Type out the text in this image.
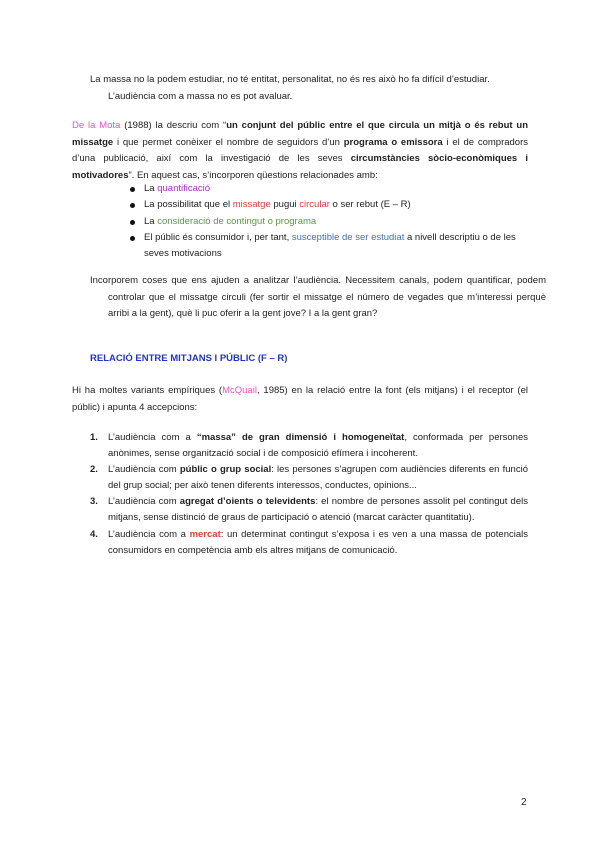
La massa no la podem estudiar, no té entitat, personalitat, no és res això ho fa difícil d’estudiar.

L’audiència com a massa no es pot avaluar.

De la Mota (1988) la descriu com “un conjunt del públic entre el que circula un mitjà o és rebut un missatge i que permet conèixer el nombre de seguidors d’un programa o emissora i el de compradors d’una publicació, així com la investigació de les seves circumstàncies sòcio-econòmiques i motivadores”. En aquest cas, s’incorporen qüestions relacionades amb:

La quantificació
La possibilitat que el missatge pugui circular o ser rebut (E – R)
La consideració de contingut o programa
El públic és consumidor i, per tant, susceptible de ser estudiat a nivell descriptiu o de les seves motivacions

Incorporem coses que ens ajuden a analitzar l’audiència. Necessitem canals, podem quantificar, podem controlar que el missatge circuli (fer sortir el missatge el número de vegades que m’interessi perquè arribi a la gent), què li puc oferir a la gent jove? I a la gent gran?

RELACIÓ ENTRE MITJANS I PÚBLIC (F – R)

Hi ha moltes variants empíriques (McQuail, 1985) en la relació entre la font (els mitjans) i el receptor (el públic) i apunta 4 accepcions:

1. L’audiència com a “massa” de gran dimensió i homogeneïtat, conformada per persones anònimes, sense organització social i de composició efímera i incoherent.
2. L’audiència com públic o grup social: les persones s’agrupen com audiències diferents en funció del grup social; per això tenen diferents interessos, conductes, opinions...
3. L’audiència com agregat d’oients o televidents: el nombre de persones assolit pel contingut dels mitjans, sense distinció de graus de participació o atenció (marcat caràcter quantitatiu).
4. L’audiència com a mercat: un determinat contingut s’exposa i es ven a una massa de potencials consumidors en competència amb els altres mitjans de comunicació.
2
